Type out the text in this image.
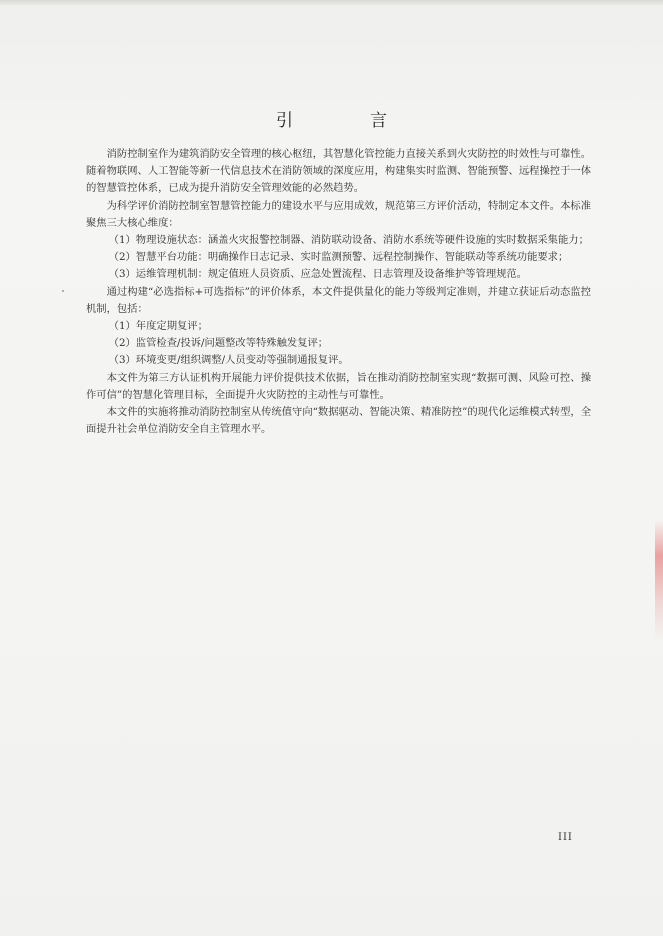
引　言

消防控制室作为建筑消防安全管理的核心枢纽，其智慧化管控能力直接关系到火灾防控的时效性与可靠性。随着物联网、人工智能等新一代信息技术在消防领域的深度应用，构建集实时监测、智能预警、远程操控于一体的智慧管控体系，已成为提升消防安全管理效能的必然趋势。

为科学评价消防控制室智慧管控能力的建设水平与应用成效，规范第三方评价活动，特制定本文件。本标准聚焦三大核心维度：

（1）物理设施状态：涵盖火灾报警控制器、消防联动设备、消防水系统等硬件设施的实时数据采集能力；

（2）智慧平台功能：明确操作日志记录、实时监测预警、远程控制操作、智能联动等系统功能要求；

（3）运维管理机制：规定值班人员资质、应急处置流程、日志管理及设备维护等管理规范。

通过构建“必选指标+可选指标”的评价体系，本文件提供量化的能力等级判定准则，并建立获证后动态监控机制，包括：

（1）年度定期复评；

（2）监管检查/投诉/问题整改等特殊触发复评；

（3）环境变更/组织调整/人员变动等强制通报复评。

本文件为第三方认证机构开展能力评价提供技术依据，旨在推动消防控制室实现“数据可测、风险可控、操作可信”的智慧化管理目标，全面提升火灾防控的主动性与可靠性。

本文件的实施将推动消防控制室从传统值守向“数据驱动、智能决策、精准防控”的现代化运维模式转型，全面提升社会单位消防安全自主管理水平。

III
